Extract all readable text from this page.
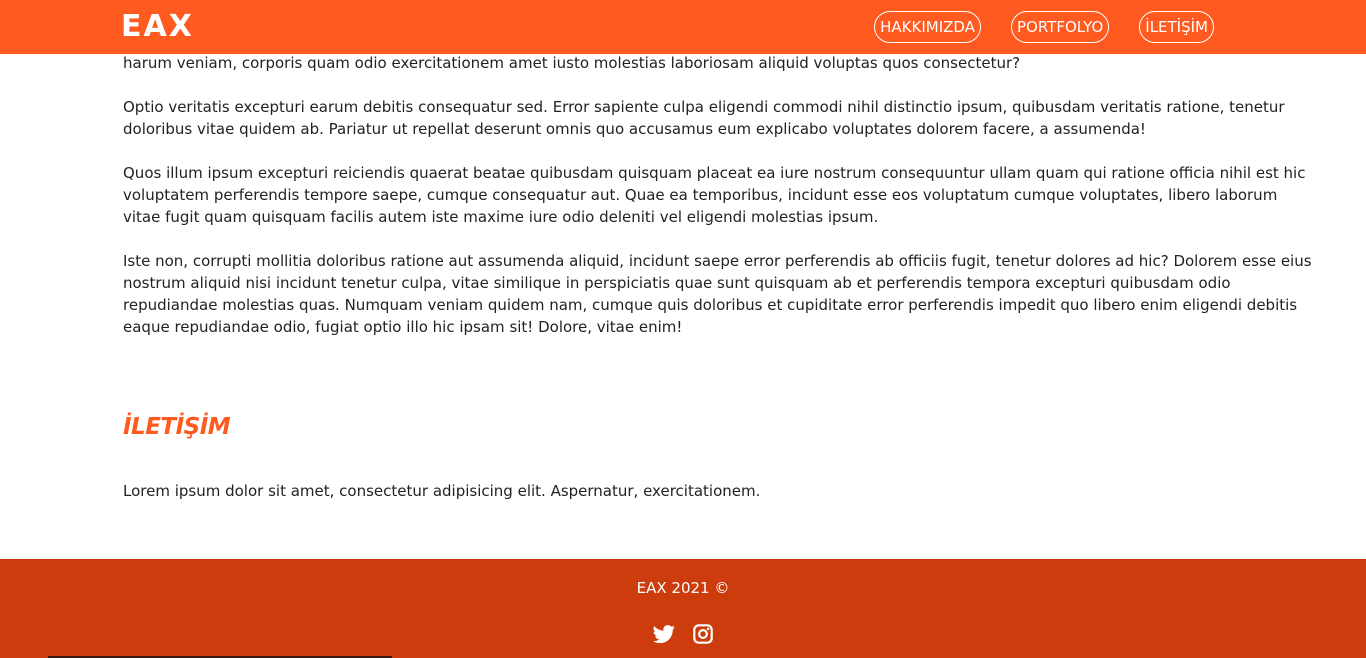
EAX	HAKKIMIZDA	PORTFOLYO	İLETİŞİM

harum veniam, corporis quam odio exercitationem amet iusto molestias laboriosam aliquid voluptas quos consectetur?

Optio veritatis excepturi earum debitis consequatur sed. Error sapiente culpa eligendi commodi nihil distinctio ipsum, quibusdam veritatis ratione, tenetur doloribus vitae quidem ab. Pariatur ut repellat deserunt omnis quo accusamus eum explicabo voluptates dolorem facere, a assumenda!

Quos illum ipsum excepturi reiciendis quaerat beatae quibusdam quisquam placeat ea iure nostrum consequuntur ullam quam qui ratione officia nihil est hic voluptatem perferendis tempore saepe, cumque consequatur aut. Quae ea temporibus, incidunt esse eos voluptatum cumque voluptates, libero laborum vitae fugit quam quisquam facilis autem iste maxime iure odio deleniti vel eligendi molestias ipsum.

Iste non, corrupti mollitia doloribus ratione aut assumenda aliquid, incidunt saepe error perferendis ab officiis fugit, tenetur dolores ad hic? Dolorem esse eius nostrum aliquid nisi incidunt tenetur culpa, vitae similique in perspiciatis quae sunt quisquam ab et perferendis tempora excepturi quibusdam odio repudiandae molestias quas. Numquam veniam quidem nam, cumque quis doloribus et cupiditate error perferendis impedit quo libero enim eligendi debitis eaque repudiandae odio, fugiat optio illo hic ipsam sit! Dolore, vitae enim!

İLETİŞİM

Lorem ipsum dolor sit amet, consectetur adipisicing elit. Aspernatur, exercitationem.

EAX 2021 ©
